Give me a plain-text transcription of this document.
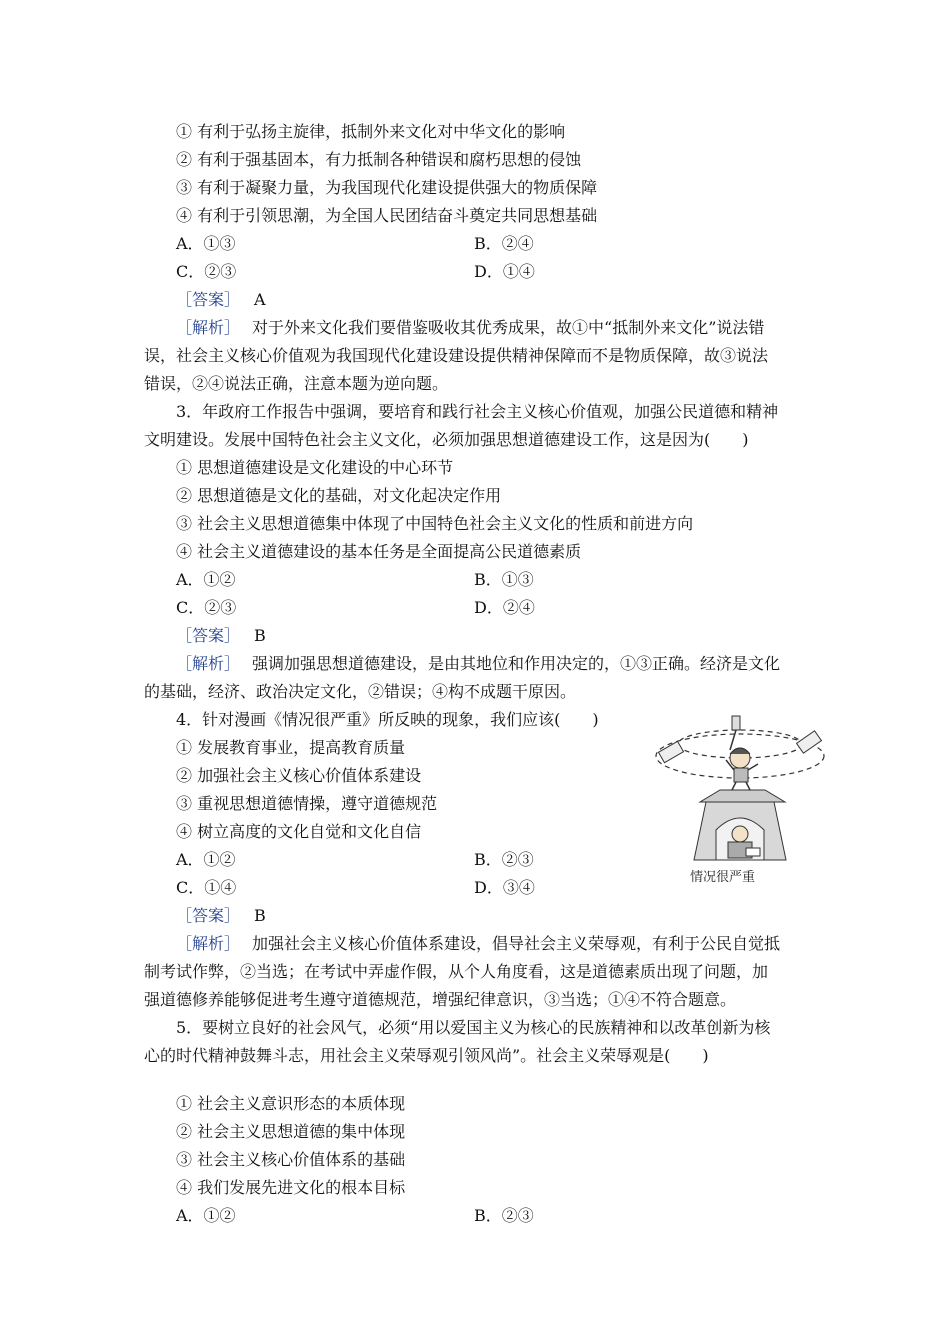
① 有利于弘扬主旋律，抵制外来文化对中华文化的影响
② 有利于强基固本，有力抵制各种错误和腐朽思想的侵蚀
③ 有利于凝聚力量，为我国现代化建设提供强大的物质保障
④ 有利于引领思潮，为全国人民团结奋斗奠定共同思想基础
A．①③	B．②④
C．②③	D．①④
［答案］ A
［解析］ 对于外来文化我们要借鉴吸收其优秀成果，故①中“抵制外来文化”说法错
误，社会主义核心价值观为我国现代化建设建设提供精神保障而不是物质保障，故③说法
错误，②④说法正确，注意本题为逆向题。
3．年政府工作报告中强调，要培育和践行社会主义核心价值观，加强公民道德和精神
文明建设。发展中国特色社会主义文化，必须加强思想道德建设工作，这是因为(　　)
① 思想道德建设是文化建设的中心环节
② 思想道德是文化的基础，对文化起决定作用
③ 社会主义思想道德集中体现了中国特色社会主义文化的性质和前进方向
④ 社会主义道德建设的基本任务是全面提高公民道德素质
A．①②	B．①③
C．②③	D．②④
［答案］ B
［解析］ 强调加强思想道德建设，是由其地位和作用决定的，①③正确。经济是文化
的基础，经济、政治决定文化，②错误；④构不成题干原因。
4．针对漫画《情况很严重》所反映的现象，我们应该(　　)
① 发展教育事业，提高教育质量
② 加强社会主义核心价值体系建设
③ 重视思想道德情操，遵守道德规范
④ 树立高度的文化自觉和文化自信
A．①②	B．②③
C．①④	D．③④
情况很严重
［答案］ B
［解析］ 加强社会主义核心价值体系建设，倡导社会主义荣辱观，有利于公民自觉抵
制考试作弊，②当选；在考试中弄虚作假，从个人角度看，这是道德素质出现了问题，加
强道德修养能够促进考生遵守道德规范，增强纪律意识，③当选；①④不符合题意。
5．要树立良好的社会风气，必须“用以爱国主义为核心的民族精神和以改革创新为核
心的时代精神鼓舞斗志，用社会主义荣辱观引领风尚”。社会主义荣辱观是(　　)
① 社会主义意识形态的本质体现
② 社会主义思想道德的集中体现
③ 社会主义核心价值体系的基础
④ 我们发展先进文化的根本目标
A．①②	B．②③
